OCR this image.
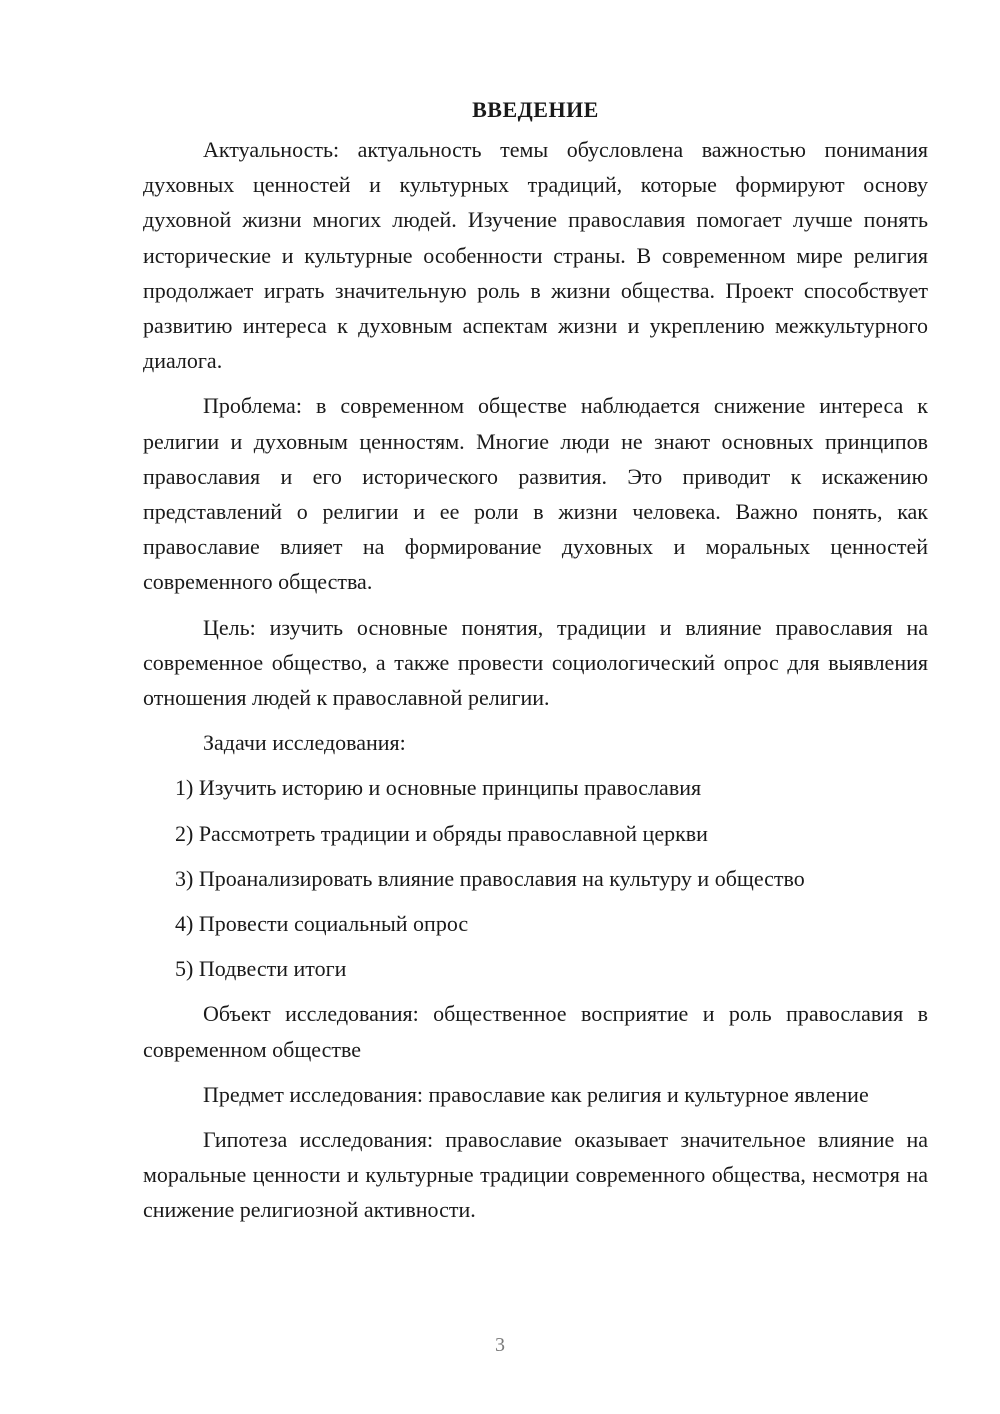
ВВЕДЕНИЕ

Актуальность: актуальность темы обусловлена важностью понимания духовных ценностей и культурных традиций, которые формируют основу духовной жизни многих людей. Изучение православия помогает лучше понять исторические и культурные особенности страны. В современном мире религия продолжает играть значительную роль в жизни общества. Проект способствует развитию интереса к духовным аспектам жизни и укреплению межкультурного диалога.

Проблема: в современном обществе наблюдается снижение интереса к религии и духовным ценностям. Многие люди не знают основных принципов православия и его исторического развития. Это приводит к искажению представлений о религии и ее роли в жизни человека. Важно понять, как православие влияет на формирование духовных и моральных ценностей современного общества.

Цель: изучить основные понятия, традиции и влияние православия на современное общество, а также провести социологический опрос для выявления отношения людей к православной религии.

Задачи исследования:

1) Изучить историю и основные принципы православия

2) Рассмотреть традиции и обряды православной церкви

3) Проанализировать влияние православия на культуру и общество

4) Провести социальный опрос

5) Подвести итоги

Объект исследования: общественное восприятие и роль православия в современном обществе

Предмет исследования: православие как религия и культурное явление

Гипотеза исследования: православие оказывает значительное влияние на моральные ценности и культурные традиции современного общества, несмотря на снижение религиозной активности.

3
